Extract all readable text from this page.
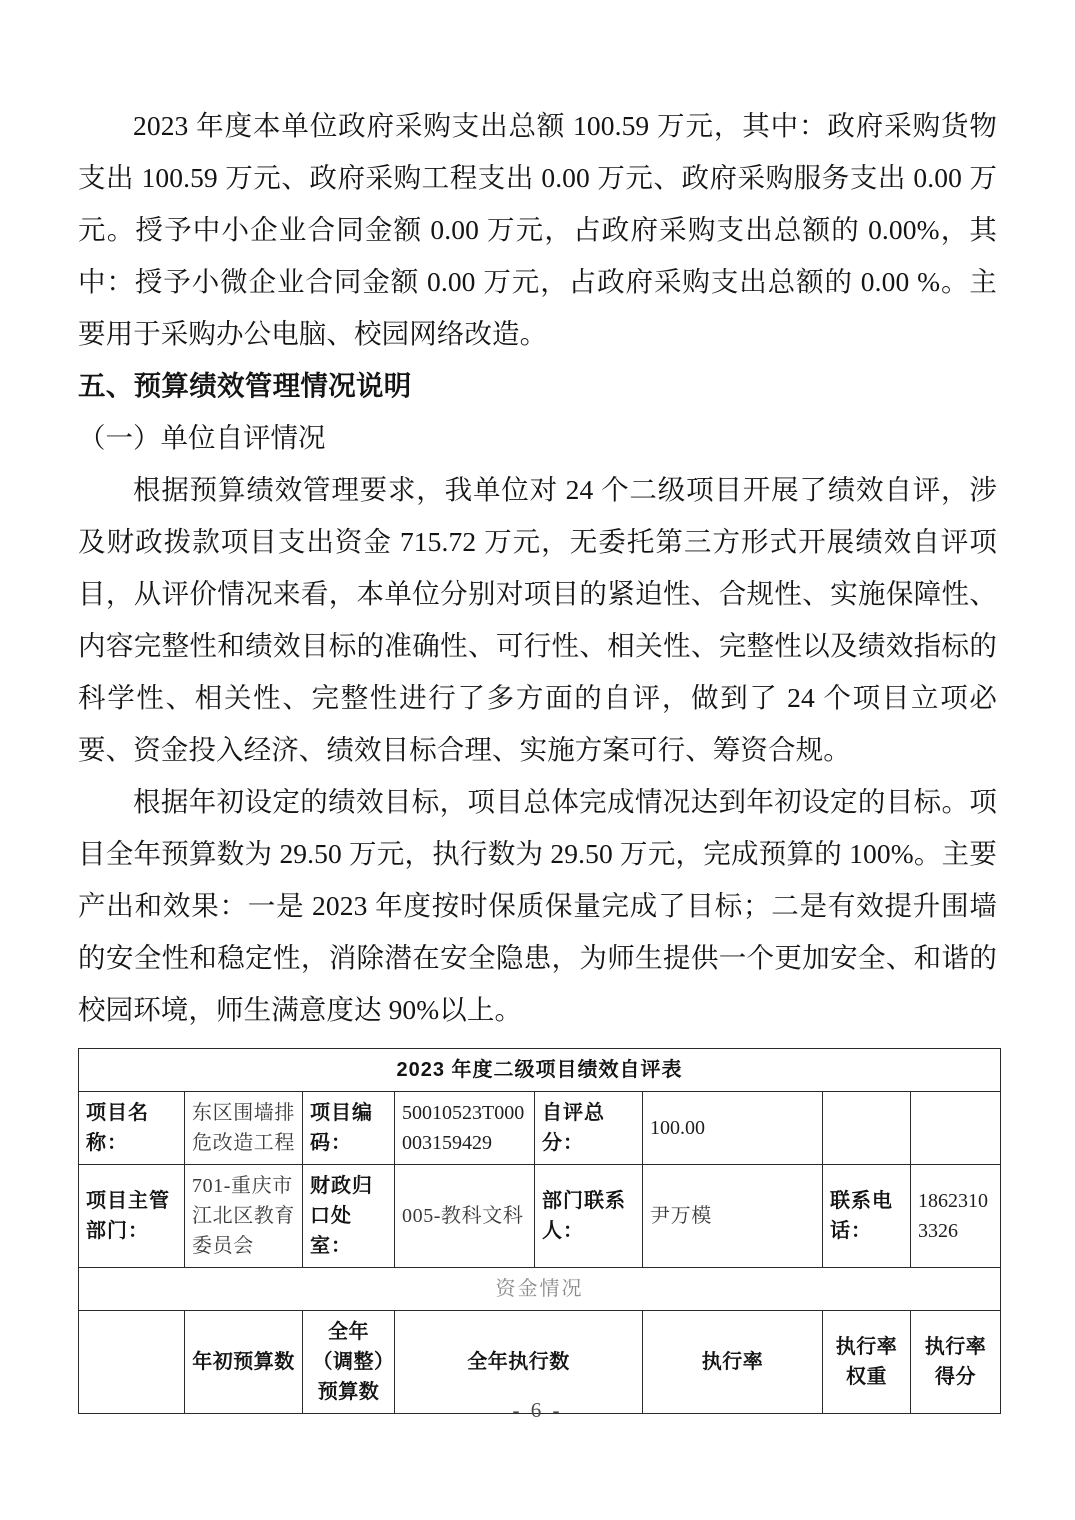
2023 年度本单位政府采购支出总额 100.59 万元，其中：政府采购货物支出 100.59 万元、政府采购工程支出 0.00 万元、政府采购服务支出 0.00 万元。授予中小企业合同金额 0.00 万元，占政府采购支出总额的 0.00%，其中：授予小微企业合同金额 0.00 万元，占政府采购支出总额的 0.00 %。主要用于采购办公电脑、校园网络改造。

五、预算绩效管理情况说明

（一）单位自评情况

根据预算绩效管理要求，我单位对 24 个二级项目开展了绩效自评，涉及财政拨款项目支出资金 715.72 万元，无委托第三方形式开展绩效自评项目，从评价情况来看，本单位分别对项目的紧迫性、合规性、实施保障性、内容完整性和绩效目标的准确性、可行性、相关性、完整性以及绩效指标的科学性、相关性、完整性进行了多方面的自评，做到了 24 个项目立项必要、资金投入经济、绩效目标合理、实施方案可行、筹资合规。

根据年初设定的绩效目标，项目总体完成情况达到年初设定的目标。项目全年预算数为 29.50 万元，执行数为 29.50 万元，完成预算的 100%。主要产出和效果：一是 2023 年度按时保质保量完成了目标；二是有效提升围墙的安全性和稳定性，消除潜在安全隐患，为师生提供一个更加安全、和谐的校园环境，师生满意度达 90%以上。

2023 年度二级项目绩效自评表							
项目名称：	东区围墙排危改造工程	项目编码：	50010523T000003159429	自评总分：	100.00		
项目主管部门：	701-重庆市江北区教育委员会	财政归口处室：	005-教科文科	部门联系人：	尹万模	联系电话：	18623103326
资金情况							
	年初预算数	全年（调整）预算数	全年执行数		执行率	执行率权重	执行率得分
- 6 -
